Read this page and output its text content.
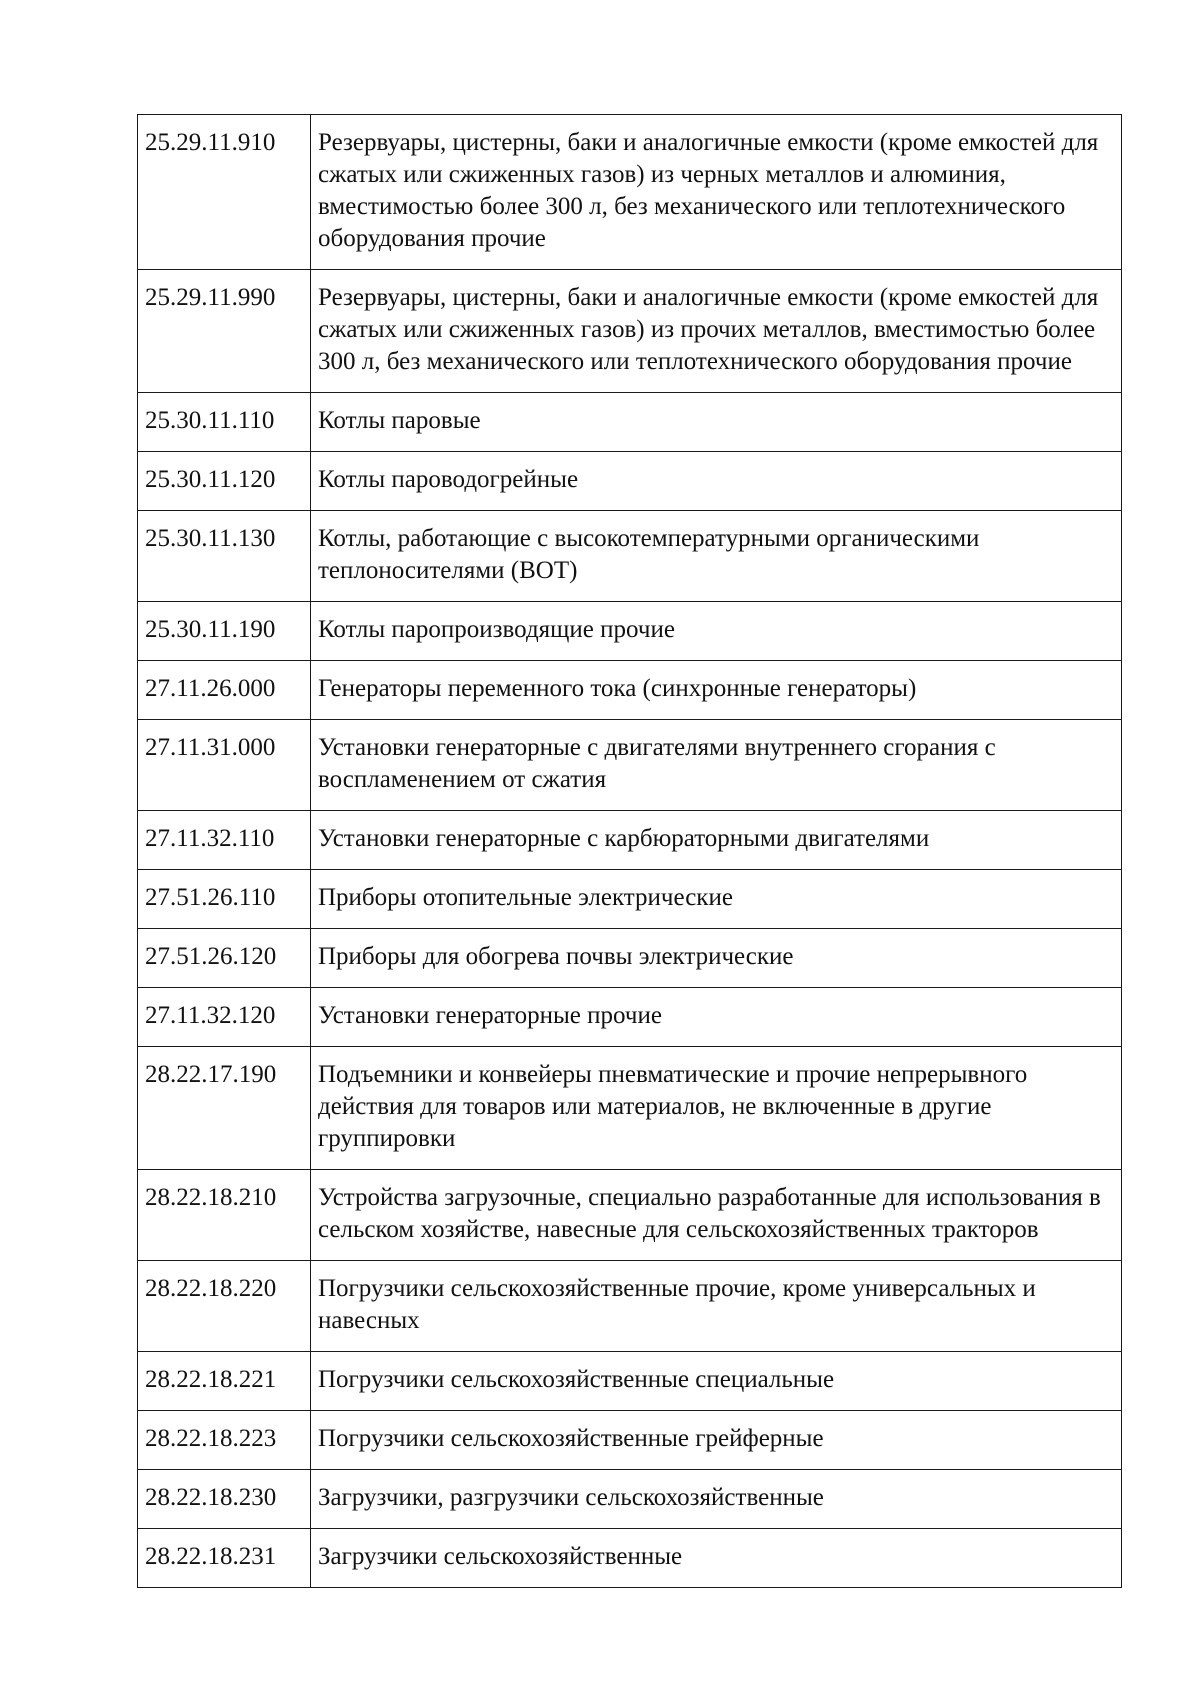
25.29.11.910	Резервуары, цистерны, баки и аналогичные емкости (кроме емкостей для сжатых или сжиженных газов) из черных металлов и алюминия, вместимостью более 300 л, без механического или теплотехнического оборудования прочие
25.29.11.990	Резервуары, цистерны, баки и аналогичные емкости (кроме емкостей для сжатых или сжиженных газов) из прочих металлов, вместимостью более 300 л, без механического или теплотехнического оборудования прочие
25.30.11.110	Котлы паровые
25.30.11.120	Котлы пароводогрейные
25.30.11.130	Котлы, работающие с высокотемпературными органическими теплоносителями (ВОТ)
25.30.11.190	Котлы паропроизводящие прочие
27.11.26.000	Генераторы переменного тока (синхронные генераторы)
27.11.31.000	Установки генераторные с двигателями внутреннего сгорания с воспламенением от сжатия
27.11.32.110	Установки генераторные с карбюраторными двигателями
27.51.26.110	Приборы отопительные электрические
27.51.26.120	Приборы для обогрева почвы электрические
27.11.32.120	Установки генераторные прочие
28.22.17.190	Подъемники и конвейеры пневматические и прочие непрерывного действия для товаров или материалов, не включенные в другие группировки
28.22.18.210	Устройства загрузочные, специально разработанные для использования в сельском хозяйстве, навесные для сельскохозяйственных тракторов
28.22.18.220	Погрузчики сельскохозяйственные прочие, кроме универсальных и навесных
28.22.18.221	Погрузчики сельскохозяйственные специальные
28.22.18.223	Погрузчики сельскохозяйственные грейферные
28.22.18.230	Загрузчики, разгрузчики сельскохозяйственные
28.22.18.231	Загрузчики сельскохозяйственные
